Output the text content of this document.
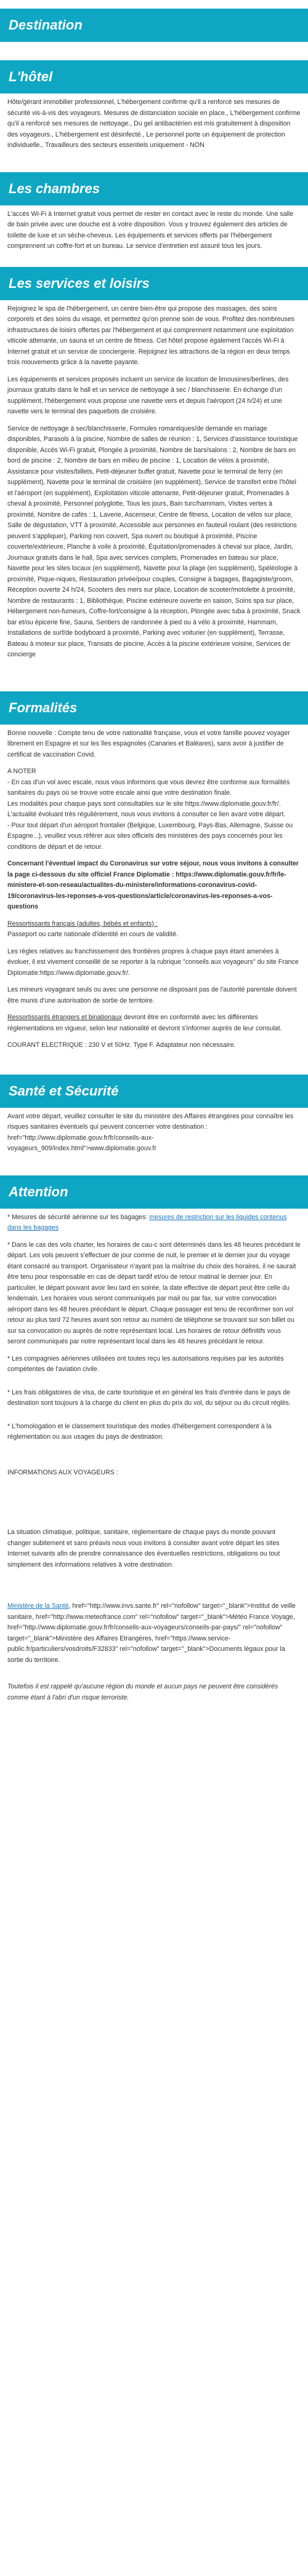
Destination
L'hôtel

Hôte/gérant immobilier professionnel, L'hébergement confirme qu'il a renforcé ses mesures de sécurité vis-à-vis des voyageurs. Mesures de distanciation sociale en place., L'hébergement confirme qu'il a renforcé ses mesures de nettoyage., Du gel antibactérien est mis gratuitement à disposition des voyageurs., L'hébergement est désinfecté., Le personnel porte un équipement de protection individuelle., Travailleurs des secteurs essentiels uniquement - NON

Les chambres

L'accès Wi-Fi à Internet gratuit vous permet de rester en contact avec le reste du monde. Une salle de bain privée avec une douche est à votre disposition. Vous y trouvez également des articles de toilette de luxe et un sèche-cheveux. Les équipements et services offerts par l'hébergement comprennent un coffre-fort et un bureau. Le service d'entretien est assuré tous les jours.

Les services et loisirs

Rejoignez le spa de l'hébergement, un centre bien-être qui propose des massages, des soins corporels et des soins du visage, et permettez qu'on prenne soin de vous. Profitez des nombreuses infrastructures de loisirs offertes par l'hébergement et qui comprennent notamment une exploitation viticole attenante, un sauna et un centre de fitness. Cet hôtel propose également l'accès Wi-Fi à Internet gratuit et un service de conciergerie. Rejoignez les attractions de la région en deux temps trois mouvements grâce à la navette payante.

Les équipements et services proposés incluent un service de location de limousines/berlines, des journaux gratuits dans le hall et un service de nettoyage à sec / blanchisserie. En échange d'un supplément, l'hébergement vous propose une navette vers et depuis l'aéroport (24 h/24) et une navette vers le terminal des paquebots de croisière.

Service de nettoyage à sec/blanchisserie, Formules romantiques/de demande en mariage disponibles, Parasols à la piscine, Nombre de salles de réunion : 1, Services d'assistance touristique disponible, Accès Wi-Fi gratuit, Plongée à proximité, Nombre de bars/salons : 2, Nombre de bars en bord de piscine : 2, Nombre de bars en milieu de piscine : 1, Location de vélos à proximité, Assistance pour visites/billets, Petit-déjeuner buffet gratuit, Navette pour le terminal de ferry (en supplément), Navette pour le terminal de croisière (en supplément), Service de transfert entre l'hôtel et l'aéroport (en supplément), Exploitation viticole attenante, Petit-déjeuner gratuit, Promenades à cheval à proximité, Personnel polyglotte, Tous les jours, Bain turc/hammam, Visites vertes à proximité, Nombre de cafés : 1, Laverie, Ascenseur, Centre de fitness, Location de vélos sur place, Salle de dégustation, VTT à proximité, Accessible aux personnes en fauteuil roulant (des restrictions peuvent s'appliquer), Parking non couvert, Spa ouvert ou boutiqué à proximité, Piscine couverte/extérieure, Planche à voile à proximité, Équitation/promenades à cheval sur place, Jardin, Journaux gratuits dans le hall, Spa avec services complets, Promenades en bateau sur place, Navette pour les sites locaux (en supplément), Navette pour la plage (en supplément), Spéléologie à proximité, Pique-niques, Restauration privée/pour couples, Consigne à bagages, Bagagiste/groom, Réception ouverte 24 h/24, Scooters des mers sur place, Location de scooter/motolette à proximité, Nombre de restaurants : 1, Bibliothèque, Piscine extérieure ouverte en saison, Soins spa sur place, Hébergement non-fumeurs, Coffre-fort/consigne à la réception, Plongée avec tuba à proximité, Snack bar et/ou épicerie fine, Sauna, Sentiers de randonnée à pied ou à vélo à proximité, Hammam, Installations de surf/de bodyboard à proximité, Parking avec voiturier (en supplément), Terrasse, Bateau à moteur sur place, Transats de piscine, Accès à la piscine extérieure voisine, Services de concierge

Formalités

Bonne nouvelle : Compte tenu de votre nationalité française, vous et votre famille pouvez voyager librement en Espagne et sur les îles espagnoles (Canaries et Baléares), sans avoir à justifier de certificat de vaccination Covid.

A NOTER
- En cas d'un vol avec escale, nous vous informons que vous devrez être conforme aux formalités sanitaires du pays où se trouve votre escale ainsi que votre destination finale.
Les modalités pour chaque pays sont consultables sur le site https://www.diplomatie.gouv.fr/fr/. L'actualité évoluant très régulièrement, nous vous invitons à consulter ce lien avant votre départ.
- Pour tout départ d'un aéroport frontalier (Belgique, Luxembourg, Pays-Bas, Allemagne, Suisse ou Espagne...), veuillez vous référer aux sites officiels des ministères des pays concernés pour les conditions de départ et de retour.

Concernant l'éventuel impact du Coronavirus sur votre séjour, nous vous invitons à consulter la page ci-dessous du site officiel France Diplomatie : https://www.diplomatie.gouv.fr/fr/le-ministere-et-son-reseau/actualites-du-ministere/informations-coronavirus-covid-19/coronavirus-les-reponses-a-vos-questions/article/coronavirus-les-reponses-a-vos-questions

Ressortissants français (adultes, bébés et enfants) :
Passeport ou carte nationale d'identité en cours de validité.

Les règles relatives au franchissement des frontières propres à chaque pays étant amenées à évoluer, il est vivement conseillé de se reporter à la rubrique "conseils aux voyageurs" du site France Diplomatie:https://www.diplomatie.gouv.fr/.

Les mineurs voyageant seuls ou avec une personne ne disposant pas de l'autorité parentale doivent être munis d'une autorisation de sortie de territoire.

Ressortissants étrangers et binationaux devront être en conformité avec les différentes réglementations en vigueur, selon leur nationalité et devront s'informer auprès de leur consulat.

COURANT ELECTRIQUE : 230 V et 50Hz. Type F. Adaptateur non nécessaire.

Santé et Sécurité

Avant votre départ, veuillez consulter le site du ministère des Affaires étrangères pour connaître les risques sanitaires éventuels qui peuvent concerner votre destination : href="http://www.diplomatie.gouv.fr/fr/conseils-aux-voyageurs_909/index.html">www.diplomatie.gouv.fr

Attention

* Mesures de sécurité aérienne sur les bagages: mesures de restriction sur les liquides contenus dans les bagages

* Dans le cas des vols charter, les horaires de cau-c sont déterminés dans les 48 heures précédant le départ. Les vols peuvent s'effectuer de jour comme de nuit, le premier et le dernier jour du voyage étant consacré au transport. Organisateur n'ayant pas la maîtrise du choix des horaires, il ne saurait être tenu pour responsable en cas de départ tardif et/ou de retour matinal le dernier jour. En particulier, le départ pouvant avoir lieu tard en soirée, la date effective de départ peut être celle du lendemain. Les horaires vous seront communiqués par mail ou par fax, sur votre convocation aéroport dans les 48 heures précédant le départ. Chaque passager est tenu de reconfirmer son vol retour au plus tard 72 heures avant son retour au numéro de téléphone se trouvant sur son billet ou sur sa convocation ou auprès de notre représentant local. Les horaires de retour définitifs vous seront communiqués par notre représentant local dans les 48 heures précédant le retour.

* Les compagnies aériennes utilisées ont toutes reçu les autorisations requises par les autorités compétentes de l'aviation civile.

* Les frais obligatoires de visa, de carte touristique et en général les frais d'entrée dans le pays de destination sont toujours à la charge du client en plus du prix du vol, du séjour ou du circuit réglés.

* L'homologation et le classement touristique des modes d'hébergement correspondent à la réglementation ou aux usages du pays de destination.

INFORMATIONS AUX VOYAGEURS :

La situation climatique, politique, sanitaire, réglementaire de chaque pays du monde pouvant changer subitement et sans préavis nous vous invitons à consulter avant votre départ les sites Internet suivants afin de prendre connaissance des éventuelles restrictions, obligations ou tout simplement des informations relatives à votre destination.

Ministère de la Santé, href="http://www.invs.sante.fr" rel="nofollow" target="_blank">Institut de veille sanitaire, href="http://www.meteofrance.com" rel="nofollow" target="_blank">Météo France Voyage, href="http://www.diplomatie.gouv.fr/fr/conseils-aux-voyageurs/conseils-par-pays/" rel="nofollow" target="_blank">Ministère des Affaires Etrangères, href="https://www.service-public.fr/particuliers/vosdroits/F32833" rel="nofollow" target="_blank">Documents légaux pour la sortie du territoire.

Toutefois il est rappelé qu'aucune région du monde et aucun pays ne peuvent être considérés comme étant à l'abri d'un risque terroriste.
